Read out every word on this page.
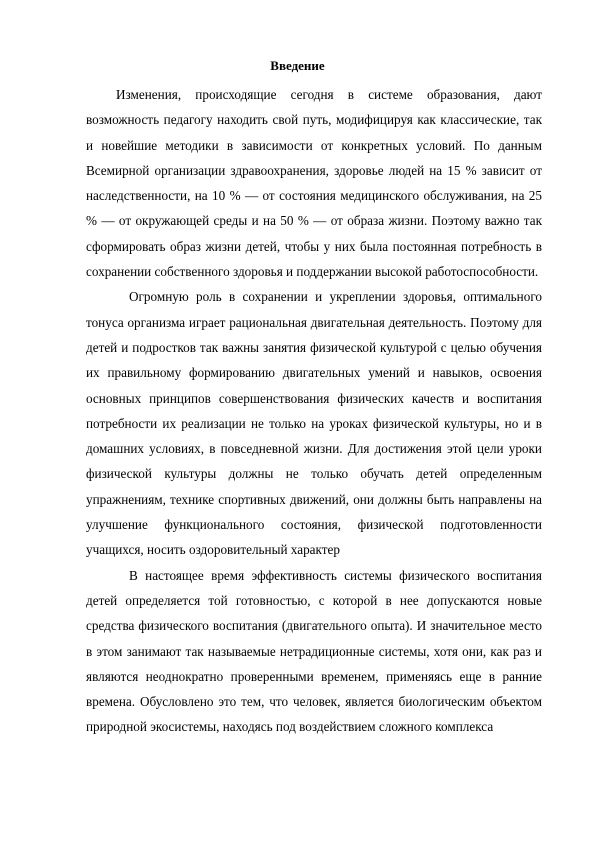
Введение

Изменения, происходящие сегодня в системе образования, дают возможность педагогу находить свой путь, модифицируя как классические, так и новейшие методики в зависимости от конкретных условий. По данным Всемирной организации здравоохранения, здоровье людей на 15 % зависит от наследственности, на 10 % — от состояния медицинского обслуживания, на 25 % — от окружающей среды и на 50 % — от образа жизни. Поэтому важно так сформировать образ жизни детей, чтобы у них была постоянная потребность в сохранении собственного здоровья и поддержании высокой работоспособности.

Огромную роль в сохранении и укреплении здоровья, оптимального тонуса организма играет рациональная двигательная деятельность. Поэтому для детей и подростков так важны занятия физической культурой с целью обучения их правильному формированию двигательных умений и навыков, освоения основных принципов совершенствования физических качеств и воспитания потребности их реализации не только на уроках физической культуры, но и в домашних условиях, в повседневной жизни. Для достижения этой цели уроки физической культуры должны не только обучать детей определенным упражнениям, технике спортивных движений, они должны быть направлены на улучшение функционального состояния, физической подготовленности учащихся, носить оздоровительный характер

В настоящее время эффективность системы физического воспитания детей определяется той готовностью, с которой в нее допускаются новые средства физического воспитания (двигательного опыта). И значительное место в этом занимают так называемые нетрадиционные системы, хотя они, как раз и являются неоднократно проверенными временем, применяясь еще в ранние времена. Обусловлено это тем, что человек, является биологическим объектом природной экосистемы, находясь под воздействием сложного комплекса
